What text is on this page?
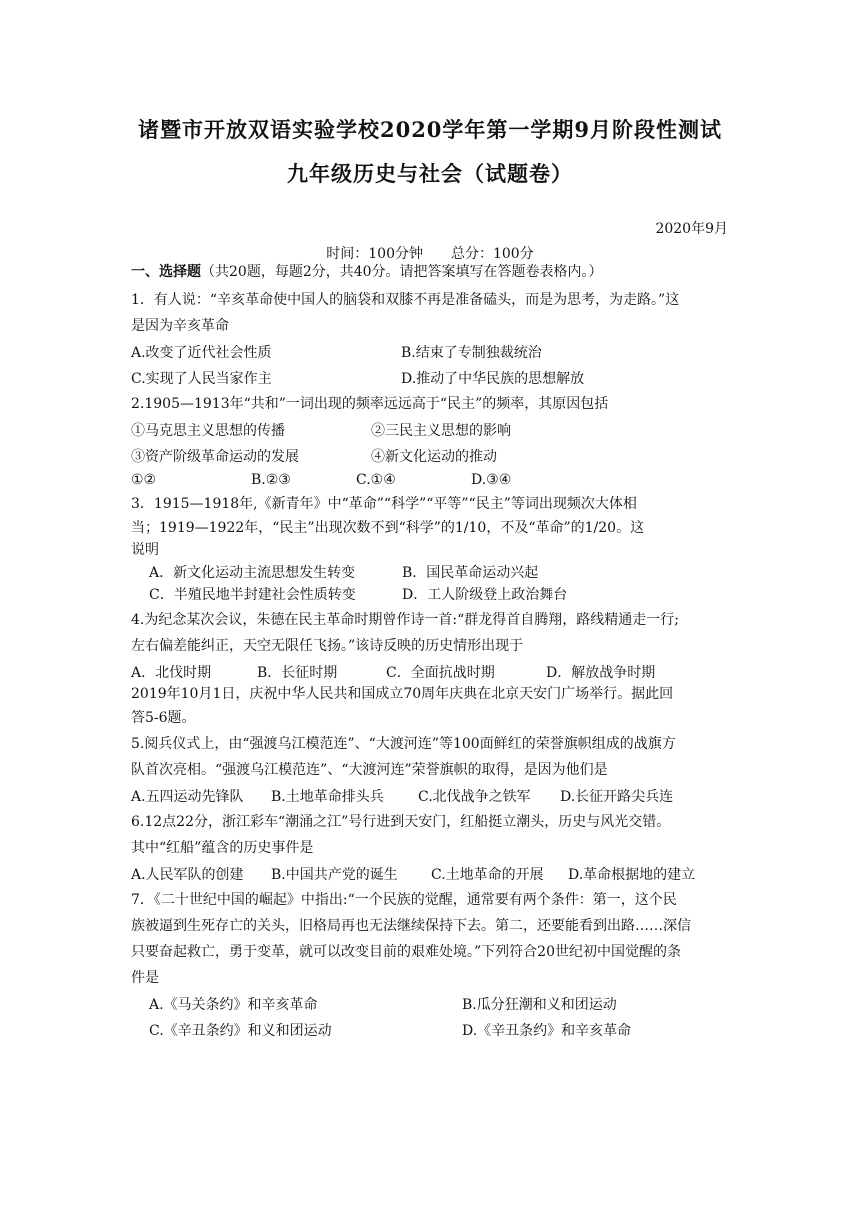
诸暨市开放双语实验学校2020学年第一学期9月阶段性测试
九年级历史与社会（试题卷）
2020年9月
时间：100分钟　　总分：100分
一、选择题（共20题，每题2分，共40分。请把答案填写在答题卷表格内。）
1．有人说：“辛亥革命使中国人的脑袋和双膝不再是准备磕头，而是为思考，为走路。”这
是因为辛亥革命
A.改变了近代社会性质	B.结束了专制独裁统治
C.实现了人民当家作主	D.推动了中华民族的思想解放
2.1905—1913年“共和”一词出现的频率远远高于“民主”的频率，其原因包括
①马克思主义思想的传播	②三民主义思想的影响
③资产阶级革命运动的发展	④新文化运动的推动
①②	B.②③	C.①④	D.③④
3．1915—1918年,《新青年》中“革命”“科学”“平等”“民主”等词出现频次大体相
当；1919—1922年，“民主”出现次数不到“科学”的1/10，不及“革命”的1/20。这
说明
A．新文化运动主流思想发生转变	B．国民革命运动兴起
C．半殖民地半封建社会性质转变	D．工人阶级登上政治舞台
4.为纪念某次会议，朱德在民主革命时期曾作诗一首:“群龙得首自腾翔，路线精通走一行;
左右偏差能纠正，天空无限任飞扬。”该诗反映的历史情形出现于
A．北伐时期	B．长征时期	C．全面抗战时期	D．解放战争时期
2019年10月1日，庆祝中华人民共和国成立70周年庆典在北京天安门广场举行。据此回
答5-6题。
5.阅兵仪式上，由“强渡乌江模范连”、“大渡河连”等100面鲜红的荣誉旗帜组成的战旗方
队首次亮相。“强渡乌江模范连”、“大渡河连”荣誉旗帜的取得，是因为他们是
A.五四运动先锋队 B.土地革命排头兵 C.北伐战争之铁军 D.长征开路尖兵连
6.12点22分，浙江彩车“潮涌之江”号行进到天安门，红船挺立潮头，历史与风光交错。
其中“红船”蕴含的历史事件是
A.人民军队的创建 B.中国共产党的诞生 C.土地革命的开展 D.革命根据地的建立
7．《二十世纪中国的崛起》中指出:“一个民族的觉醒，通常要有两个条件：第一，这个民
族被逼到生死存亡的关头，旧格局再也无法继续保持下去。第二，还要能看到出路……深信
只要奋起救亡，勇于变革，就可以改变目前的艰难处境。”下列符合20世纪初中国觉醒的条
件是
A.《马关条约》和辛亥革命	B.瓜分狂潮和义和团运动
C.《辛丑条约》和义和团运动	D.《辛丑条约》和辛亥革命
